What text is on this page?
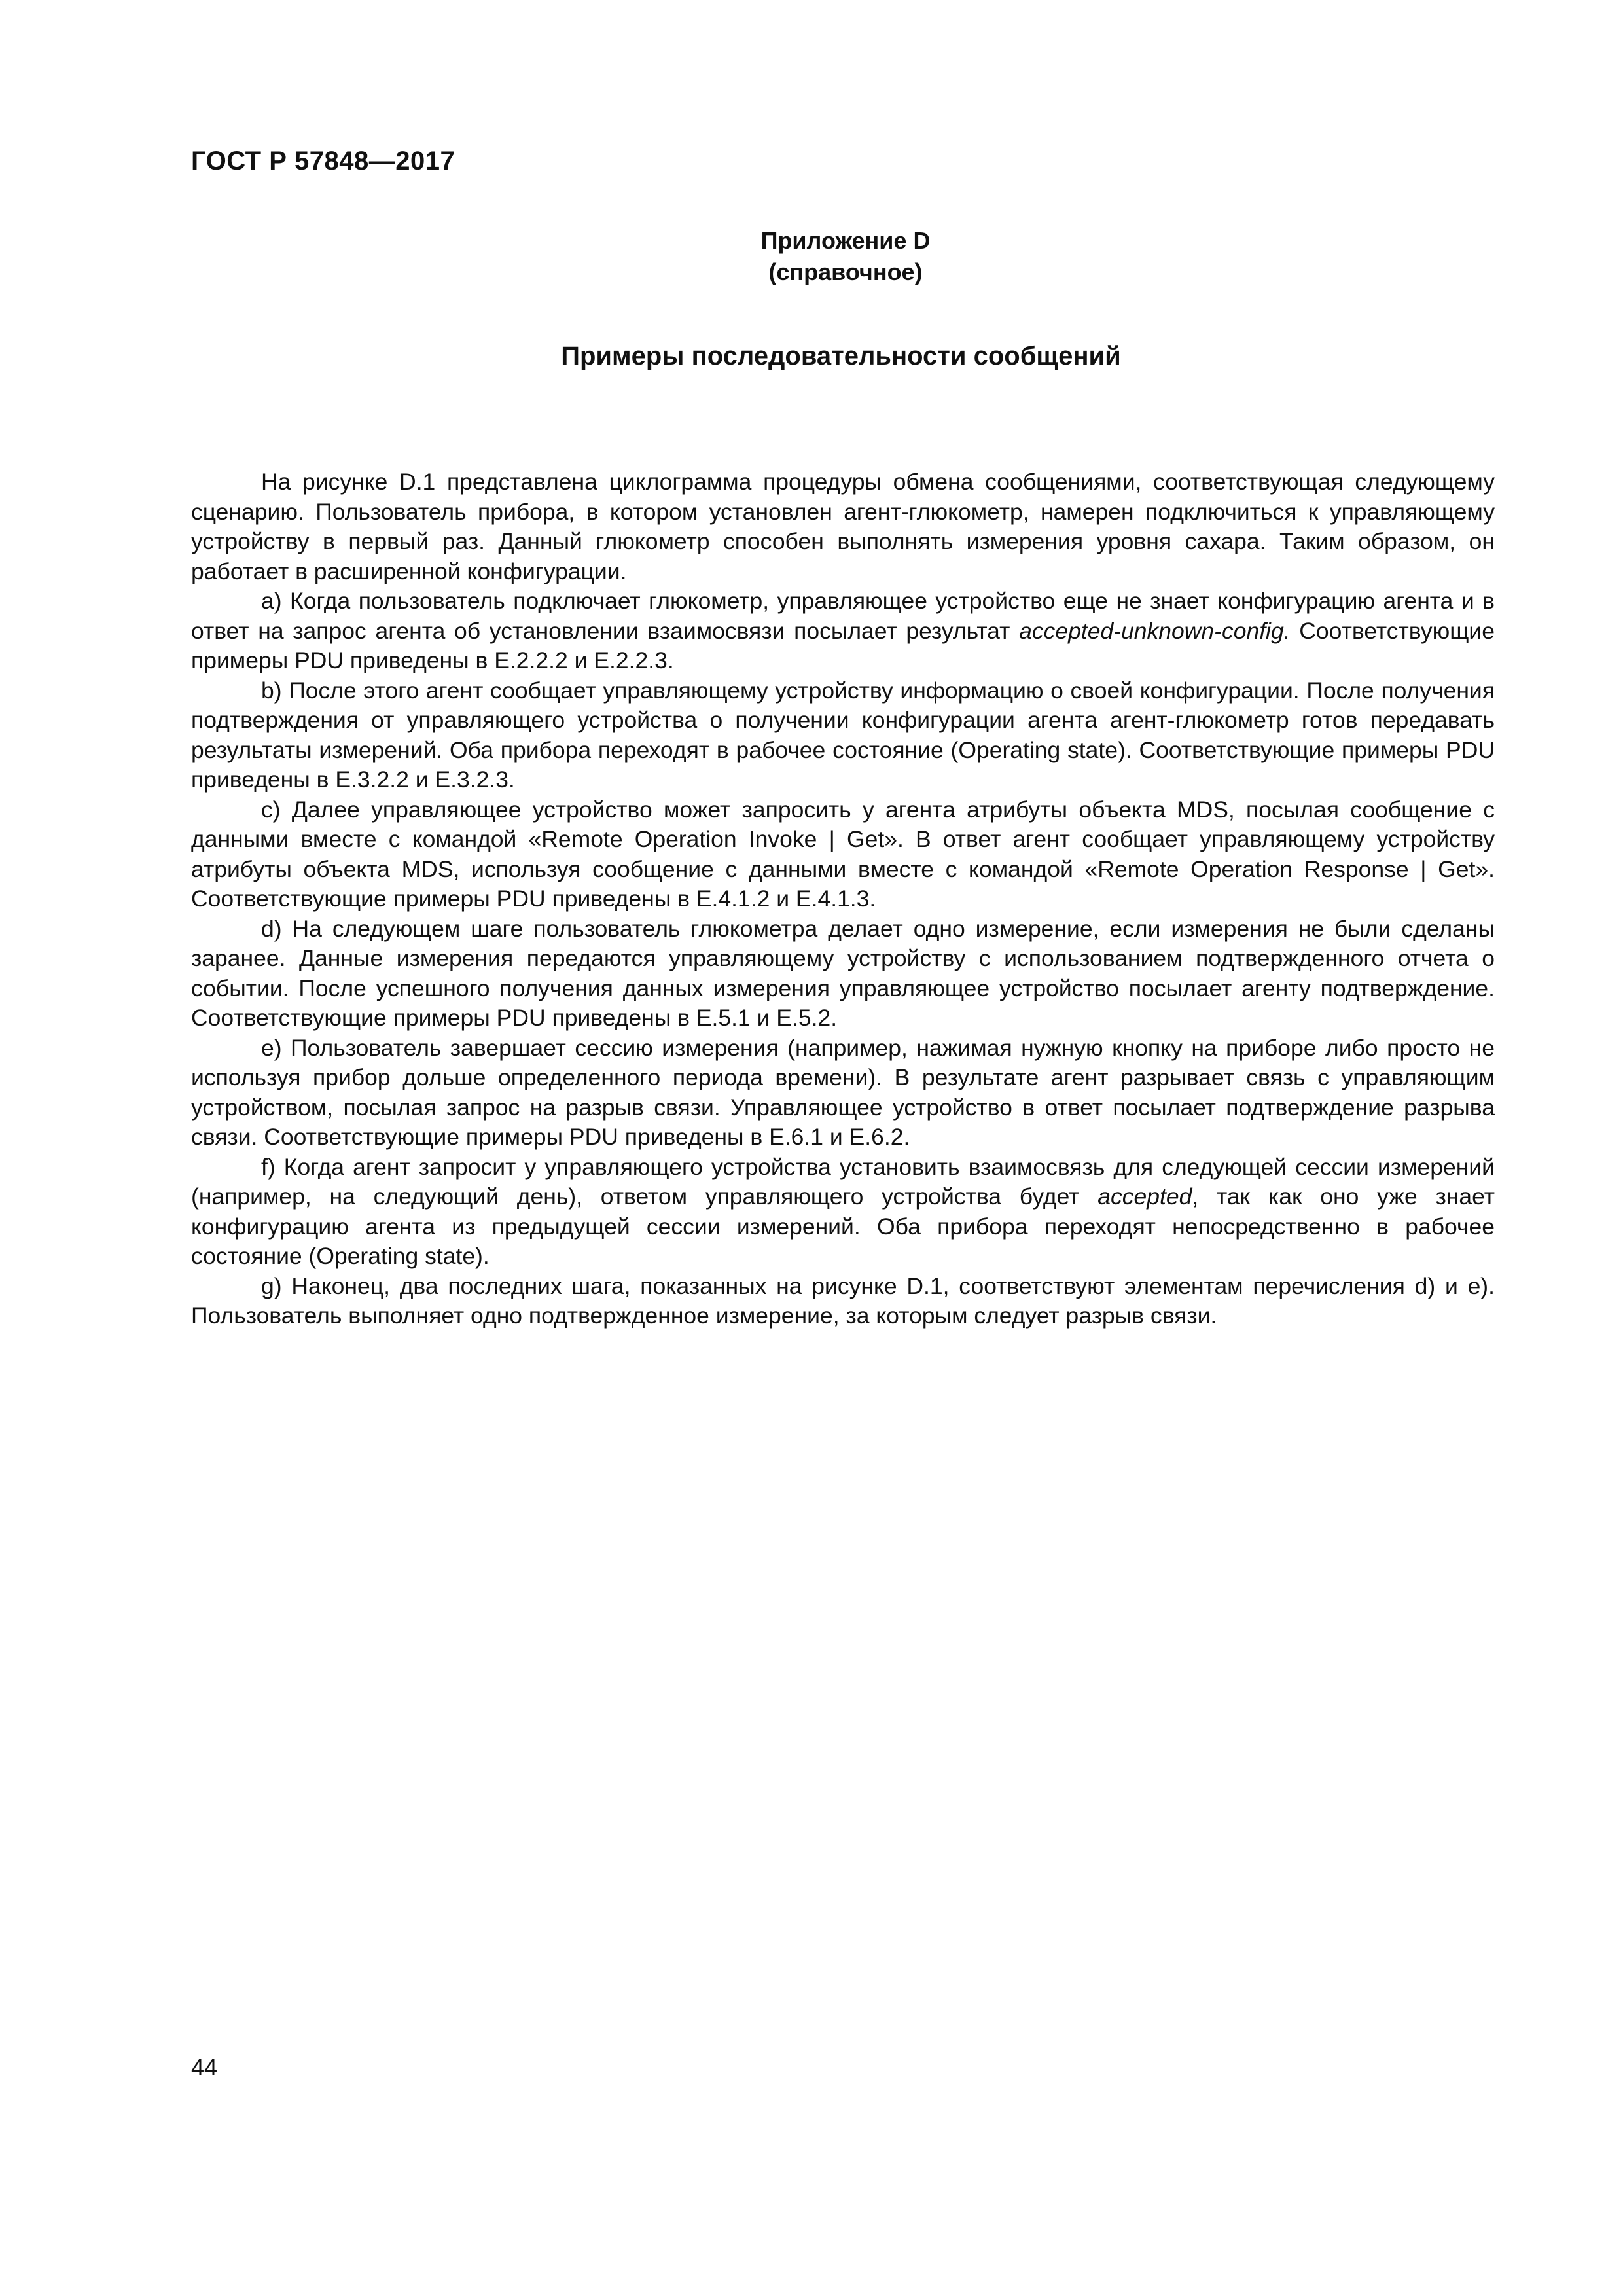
ГОСТ Р 57848—2017
Приложение D
(справочное)
Примеры последовательности сообщений

На рисунке D.1 представлена циклограмма процедуры обмена сообщениями, соответствующая следующему сценарию. Пользователь прибора, в котором установлен агент-глюкометр, намерен подключиться к управляющему устройству в первый раз. Данный глюкометр способен выполнять измерения уровня сахара. Таким образом, он работает в расширенной конфигурации.

a) Когда пользователь подключает глюкометр, управляющее устройство еще не знает конфигурацию агента и в ответ на запрос агента об установлении взаимосвязи посылает результат accepted-unknown-config. Соответствующие примеры PDU приведены в E.2.2.2 и E.2.2.3.

b) После этого агент сообщает управляющему устройству информацию о своей конфигурации. После получения подтверждения от управляющего устройства о получении конфигурации агента агент-глюкометр готов передавать результаты измерений. Оба прибора переходят в рабочее состояние (Operating state). Соответствующие примеры PDU приведены в E.3.2.2 и E.3.2.3.

c) Далее управляющее устройство может запросить у агента атрибуты объекта MDS, посылая сообщение с данными вместе с командой «Remote Operation Invoke | Get». В ответ агент сообщает управляющему устройству атрибуты объекта MDS, используя сообщение с данными вместе с командой «Remote Operation Response | Get». Соответствующие примеры PDU приведены в E.4.1.2 и E.4.1.3.

d) На следующем шаге пользователь глюкометра делает одно измерение, если измерения не были сделаны заранее. Данные измерения передаются управляющему устройству с использованием подтвержденного отчета о событии. После успешного получения данных измерения управляющее устройство посылает агенту подтверждение. Соответствующие примеры PDU приведены в E.5.1 и E.5.2.

e) Пользователь завершает сессию измерения (например, нажимая нужную кнопку на приборе либо просто не используя прибор дольше определенного периода времени). В результате агент разрывает связь с управляющим устройством, посылая запрос на разрыв связи. Управляющее устройство в ответ посылает подтверждение разрыва связи. Соответствующие примеры PDU приведены в E.6.1 и E.6.2.

f) Когда агент запросит у управляющего устройства установить взаимосвязь для следующей сессии измерений (например, на следующий день), ответом управляющего устройства будет accepted, так как оно уже знает конфигурацию агента из предыдущей сессии измерений. Оба прибора переходят непосредственно в рабочее состояние (Operating state).

g) Наконец, два последних шага, показанных на рисунке D.1, соответствуют элементам перечисления d) и e). Пользователь выполняет одно подтвержденное измерение, за которым следует разрыв связи.

44
